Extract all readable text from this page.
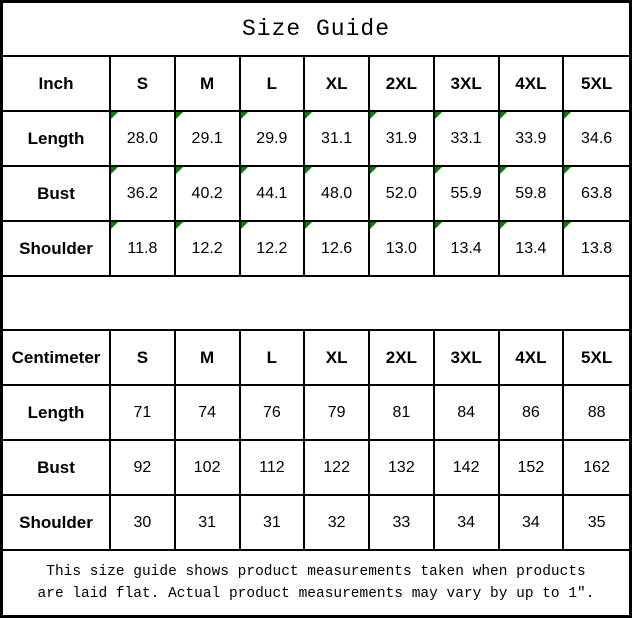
Size Guide
Inch	S	M	L	XL	2XL	3XL	4XL	5XL
Length	28.0 29.1 29.9 31.1 31.9 33.1 33.9 34.6
Bust	36.2 40.2 44.1 48.0 52.0 55.9 59.8 63.8
Shoulder	11.8 12.2 12.2 12.6 13.0 13.4 13.4 13.8
Centimeter	S	M	L	XL	2XL	3XL	4XL	5XL
Length	71	74	76	79	81	84	86	88
Bust	92	102	112	122	132	142	152	162
Shoulder	30	31	31	32	33	34	34	35
This size guide shows product measurements taken when products
are laid flat. Actual product measurements may vary by up to 1″.
